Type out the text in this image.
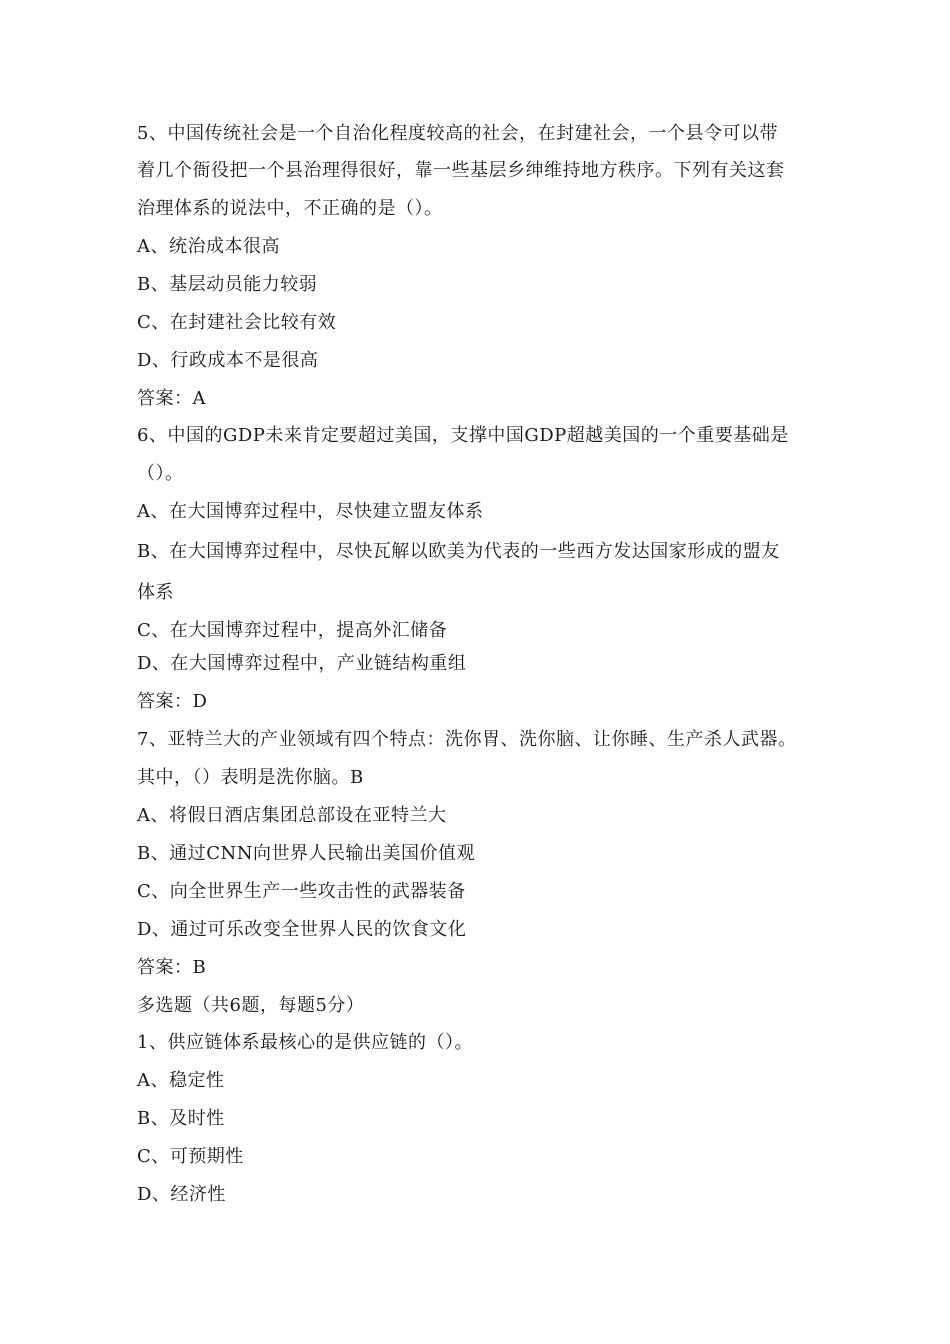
5、中国传统社会是一个自治化程度较高的社会，在封建社会，一个县令可以带
着几个衙役把一个县治理得很好，靠一些基层乡绅维持地方秩序。下列有关这套
治理体系的说法中，不正确的是（）。
A、统治成本很高
B、基层动员能力较弱
C、在封建社会比较有效
D、行政成本不是很高
答案：A
6、中国的GDP未来肯定要超过美国，支撑中国GDP超越美国的一个重要基础是
（）。
A、在大国博弈过程中，尽快建立盟友体系
B、在大国博弈过程中，尽快瓦解以欧美为代表的一些西方发达国家形成的盟友
体系
C、在大国博弈过程中，提高外汇储备
D、在大国博弈过程中，产业链结构重组
答案：D
7、亚特兰大的产业领域有四个特点：洗你胃、洗你脑、让你睡、生产杀人武器。
其中，（）表明是洗你脑。B
A、将假日酒店集团总部设在亚特兰大
B、通过CNN向世界人民输出美国价值观
C、向全世界生产一些攻击性的武器装备
D、通过可乐改变全世界人民的饮食文化
答案：B
多选题（共6题，每题5分）
1、供应链体系最核心的是供应链的（）。
A、稳定性
B、及时性
C、可预期性
D、经济性
